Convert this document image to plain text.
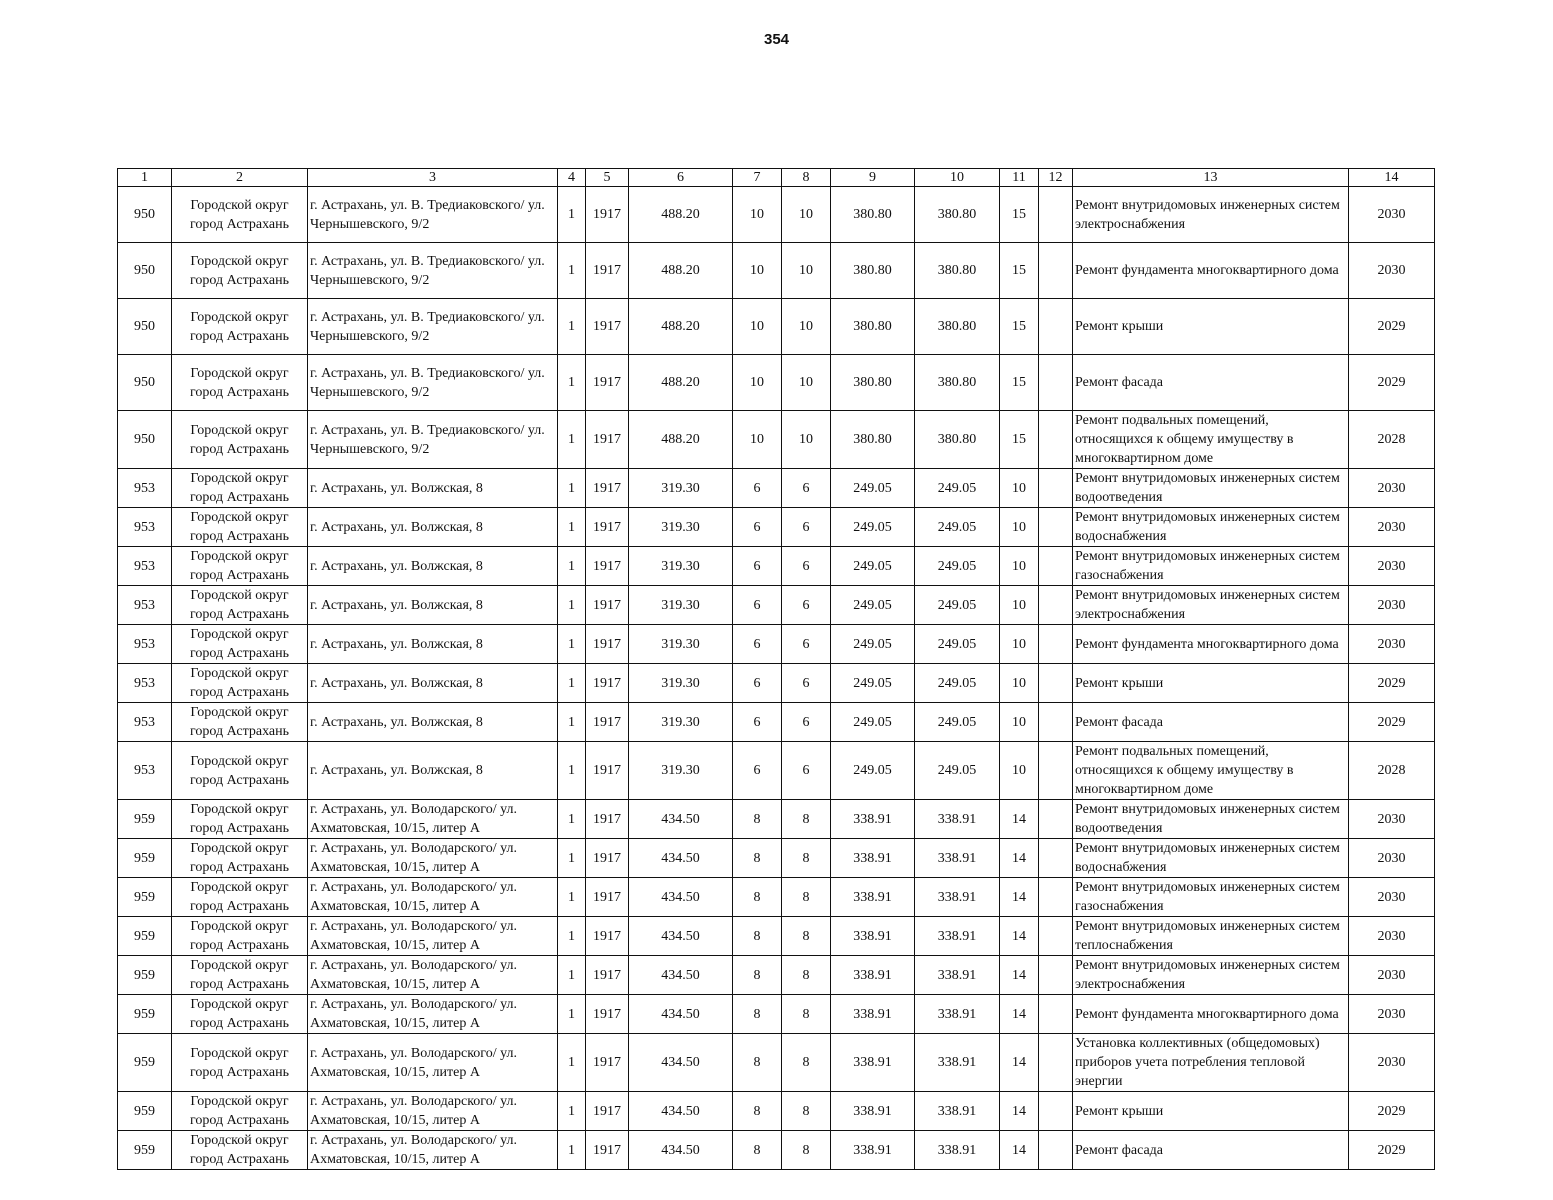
354
1	2	3	4	5	6	7	8	9	10	11	12	13	14
950	Городской округ город Астрахань	г. Астрахань, ул. В. Тредиаковского/ ул. Чернышевского, 9/2	1	1917	488.20	10	10	380.80	380.80	15		Ремонт внутридомовых инженерных систем электроснабжения	2030
950	Городской округ город Астрахань	г. Астрахань, ул. В. Тредиаковского/ ул. Чернышевского, 9/2	1	1917	488.20	10	10	380.80	380.80	15		Ремонт фундамента многоквартирного дома	2030
950	Городской округ город Астрахань	г. Астрахань, ул. В. Тредиаковского/ ул. Чернышевского, 9/2	1	1917	488.20	10	10	380.80	380.80	15		Ремонт крыши	2029
950	Городской округ город Астрахань	г. Астрахань, ул. В. Тредиаковского/ ул. Чернышевского, 9/2	1	1917	488.20	10	10	380.80	380.80	15		Ремонт фасада	2029
950	Городской округ город Астрахань	г. Астрахань, ул. В. Тредиаковского/ ул. Чернышевского, 9/2	1	1917	488.20	10	10	380.80	380.80	15		Ремонт подвальных помещений, относящихся к общему имуществу в многоквартирном доме	2028
953	Городской округ город Астрахань	г. Астрахань, ул. Волжская, 8	1	1917	319.30	6	6	249.05	249.05	10		Ремонт внутридомовых инженерных систем водоотведения	2030
953	Городской округ город Астрахань	г. Астрахань, ул. Волжская, 8	1	1917	319.30	6	6	249.05	249.05	10		Ремонт внутридомовых инженерных систем водоснабжения	2030
953	Городской округ город Астрахань	г. Астрахань, ул. Волжская, 8	1	1917	319.30	6	6	249.05	249.05	10		Ремонт внутридомовых инженерных систем газоснабжения	2030
953	Городской округ город Астрахань	г. Астрахань, ул. Волжская, 8	1	1917	319.30	6	6	249.05	249.05	10		Ремонт внутридомовых инженерных систем электроснабжения	2030
953	Городской округ город Астрахань	г. Астрахань, ул. Волжская, 8	1	1917	319.30	6	6	249.05	249.05	10		Ремонт фундамента многоквартирного дома	2030
953	Городской округ город Астрахань	г. Астрахань, ул. Волжская, 8	1	1917	319.30	6	6	249.05	249.05	10		Ремонт крыши	2029
953	Городской округ город Астрахань	г. Астрахань, ул. Волжская, 8	1	1917	319.30	6	6	249.05	249.05	10		Ремонт фасада	2029
953	Городской округ город Астрахань	г. Астрахань, ул. Волжская, 8	1	1917	319.30	6	6	249.05	249.05	10		Ремонт подвальных помещений, относящихся к общему имуществу в многоквартирном доме	2028
959	Городской округ город Астрахань	г. Астрахань, ул. Володарского/ ул. Ахматовская, 10/15, литер А	1	1917	434.50	8	8	338.91	338.91	14		Ремонт внутридомовых инженерных систем водоотведения	2030
959	Городской округ город Астрахань	г. Астрахань, ул. Володарского/ ул. Ахматовская, 10/15, литер А	1	1917	434.50	8	8	338.91	338.91	14		Ремонт внутридомовых инженерных систем водоснабжения	2030
959	Городской округ город Астрахань	г. Астрахань, ул. Володарского/ ул. Ахматовская, 10/15, литер А	1	1917	434.50	8	8	338.91	338.91	14		Ремонт внутридомовых инженерных систем газоснабжения	2030
959	Городской округ город Астрахань	г. Астрахань, ул. Володарского/ ул. Ахматовская, 10/15, литер А	1	1917	434.50	8	8	338.91	338.91	14		Ремонт внутридомовых инженерных систем теплоснабжения	2030
959	Городской округ город Астрахань	г. Астрахань, ул. Володарского/ ул. Ахматовская, 10/15, литер А	1	1917	434.50	8	8	338.91	338.91	14		Ремонт внутридомовых инженерных систем электроснабжения	2030
959	Городской округ город Астрахань	г. Астрахань, ул. Володарского/ ул. Ахматовская, 10/15, литер А	1	1917	434.50	8	8	338.91	338.91	14		Ремонт фундамента многоквартирного дома	2030
959	Городской округ город Астрахань	г. Астрахань, ул. Володарского/ ул. Ахматовская, 10/15, литер А	1	1917	434.50	8	8	338.91	338.91	14		Установка коллективных (общедомовых) приборов учета потребления тепловой энергии	2030
959	Городской округ город Астрахань	г. Астрахань, ул. Володарского/ ул. Ахматовская, 10/15, литер А	1	1917	434.50	8	8	338.91	338.91	14		Ремонт крыши	2029
959	Городской округ город Астрахань	г. Астрахань, ул. Володарского/ ул. Ахматовская, 10/15, литер А	1	1917	434.50	8	8	338.91	338.91	14		Ремонт фасада	2029
